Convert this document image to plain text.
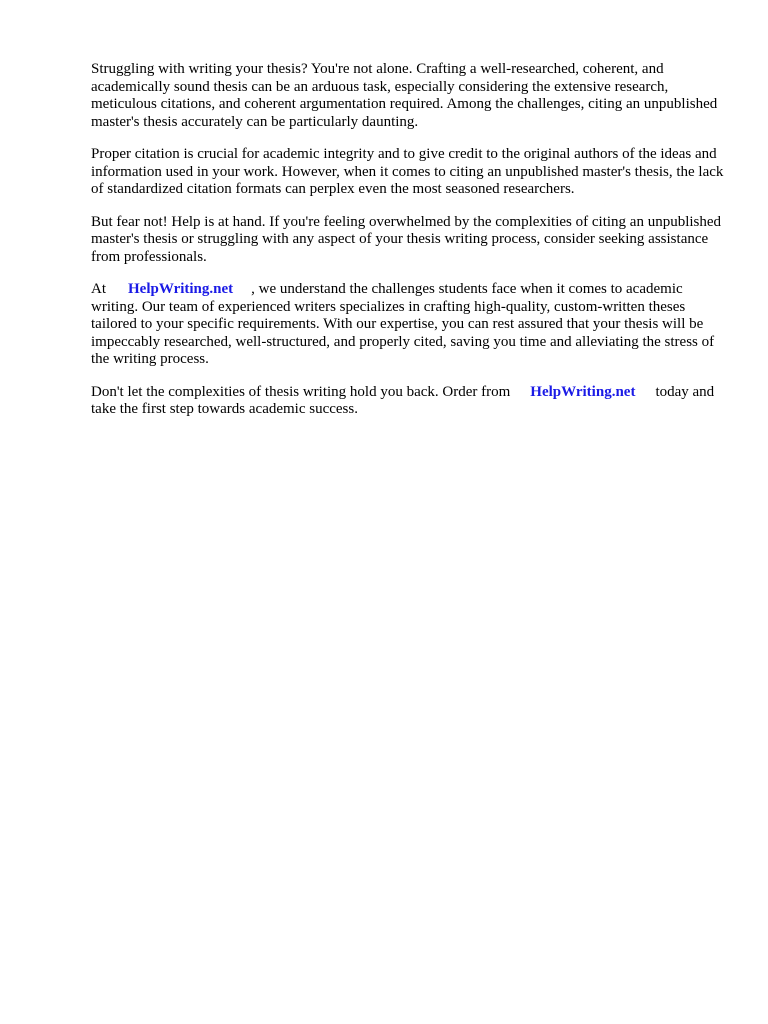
Struggling with writing your thesis? You're not alone. Crafting a well-researched, coherent, and academically sound thesis can be an arduous task, especially considering the extensive research, meticulous citations, and coherent argumentation required. Among the challenges, citing an unpublished master's thesis accurately can be particularly daunting.

Proper citation is crucial for academic integrity and to give credit to the original authors of the ideas and information used in your work. However, when it comes to citing an unpublished master's thesis, the lack of standardized citation formats can perplex even the most seasoned researchers.

But fear not! Help is at hand. If you're feeling overwhelmed by the complexities of citing an unpublished master's thesis or struggling with any aspect of your thesis writing process, consider seeking assistance from professionals.

At HelpWriting.net , we understand the challenges students face when it comes to academic writing. Our team of experienced writers specializes in crafting high-quality, custom-written theses tailored to your specific requirements. With our expertise, you can rest assured that your thesis will be impeccably researched, well-structured, and properly cited, saving you time and alleviating the stress of the writing process.

Don't let the complexities of thesis writing hold you back. Order from HelpWriting.net today and take the first step towards academic success.
